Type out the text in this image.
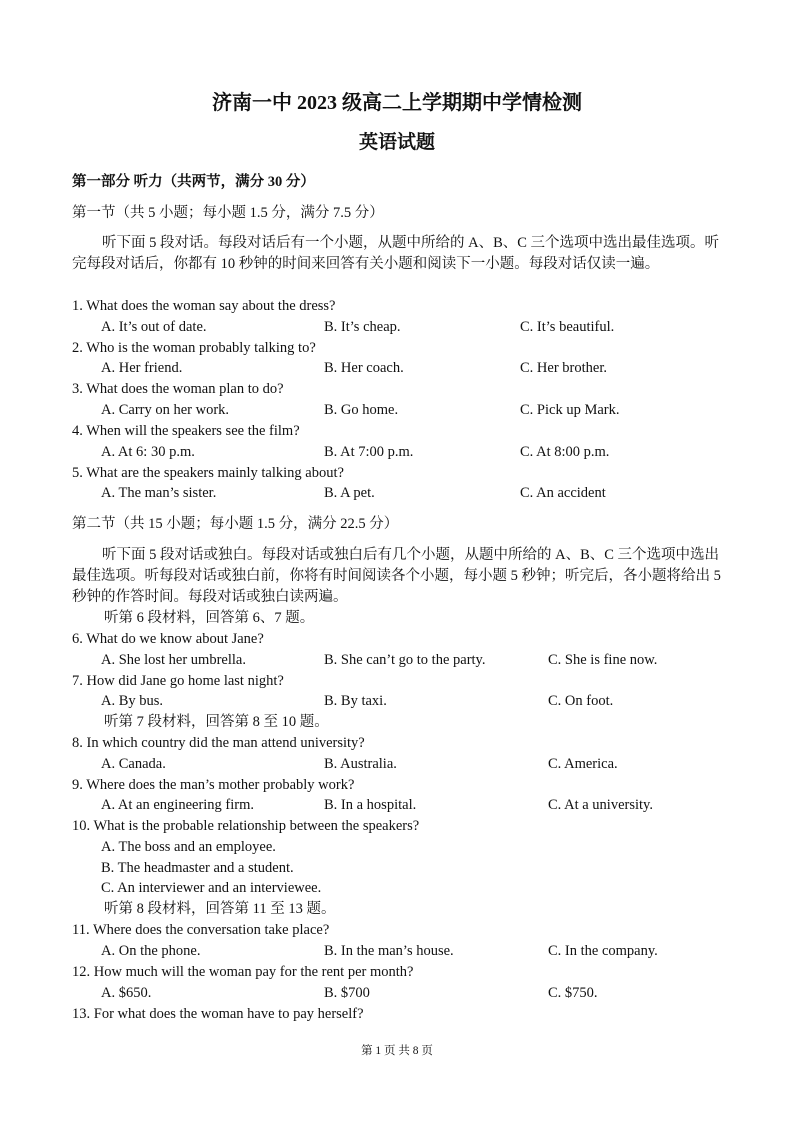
济南一中 2023 级高二上学期期中学情检测
英语试题
第一部分 听力（共两节，满分 30 分）
第一节（共 5 小题；每小题 1.5 分，满分 7.5 分）
听下面 5 段对话。每段对话后有一个小题，从题中所给的 A、B、C 三个选项中选出最佳选项。听完每段对话后，你都有 10 秒钟的时间来回答有关小题和阅读下一小题。每段对话仅读一遍。
1. What does the woman say about the dress?
A. It’s out of date.	B. It’s cheap.	C. It’s beautiful.
2. Who is the woman probably talking to?
A. Her friend.	B. Her coach.	C. Her brother.
3. What does the woman plan to do?
A. Carry on her work.	B. Go home.	C. Pick up Mark.
4. When will the speakers see the film?
A. At 6: 30 p.m.	B. At 7:00 p.m.	C. At 8:00 p.m.
5. What are the speakers mainly talking about?
A. The man’s sister.	B. A pet.	C. An accident
第二节（共 15 小题；每小题 1.5 分，满分 22.5 分）
听下面 5 段对话或独白。每段对话或独白后有几个小题，从题中所给的 A、B、C 三个选项中选出最佳选项。听每段对话或独白前，你将有时间阅读各个小题，每小题 5 秒钟；听完后，各小题将给出 5 秒钟的作答时间。每段对话或独白读两遍。
听第 6 段材料，回答第 6、7 题。
6. What do we know about Jane?
A. She lost her umbrella.	B. She can’t go to the party.	C. She is fine now.
7. How did Jane go home last night?
A. By bus.	B. By taxi.	C. On foot.
听第 7 段材料，回答第 8 至 10 题。
8. In which country did the man attend university?
A. Canada.	B. Australia.	C. America.
9. Where does the man’s mother probably work?
A. At an engineering firm.	B. In a hospital.	C. At a university.
10. What is the probable relationship between the speakers?
A. The boss and an employee.
B. The headmaster and a student.
C. An interviewer and an interviewee.
听第 8 段材料，回答第 11 至 13 题。
11. Where does the conversation take place?
A. On the phone.	B. In the man’s house.	C. In the company.
12. How much will the woman pay for the rent per month?
A. $650.	B. $700	C. $750.
13. For what does the woman have to pay herself?
第 1 页 共 8 页
